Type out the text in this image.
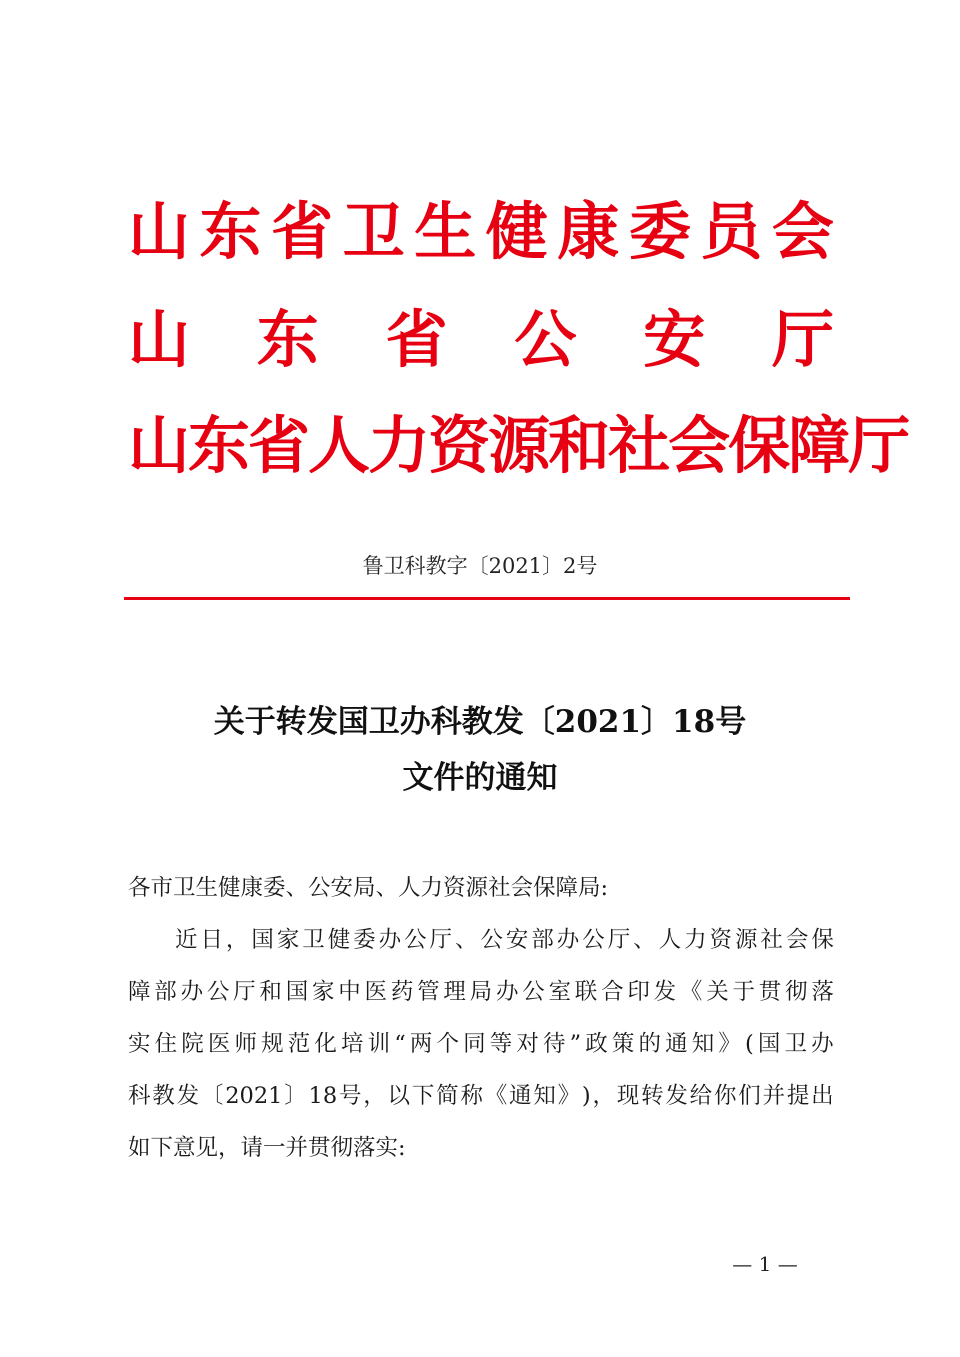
山 东 省 卫 生 健 康 委 员 会
山 东 省 公 安 厅
山 东 省 人 力 资 源 和 社 会 保 障 厅
鲁卫科教字〔2021〕2号
关于转发国卫办科教发〔2021〕18号
文件的通知
各市卫生健康委、公安局、人力资源社会保障局:
近 日 ， 国 家 卫 健 委 办 公 厅 、 公 安 部 办 公 厅 、 人 力 资 源 社 会 保
障 部 办 公 厅 和 国 家 中 医 药 管 理 局 办 公 室 联 合 印 发 《 关 于 贯 彻 落
实 住 院 医 师 规 范 化 培 训 “ 两 个 同 等 对 待 ” 政 策 的 通 知 》 ( 国 卫 办
科 教 发 〔 2021 〕 18 号 ， 以 下 简 称 《 通 知 》 ) ， 现 转 发 给 你 们 并 提 出
如下意见，请一并贯彻落实:
— 1 —
